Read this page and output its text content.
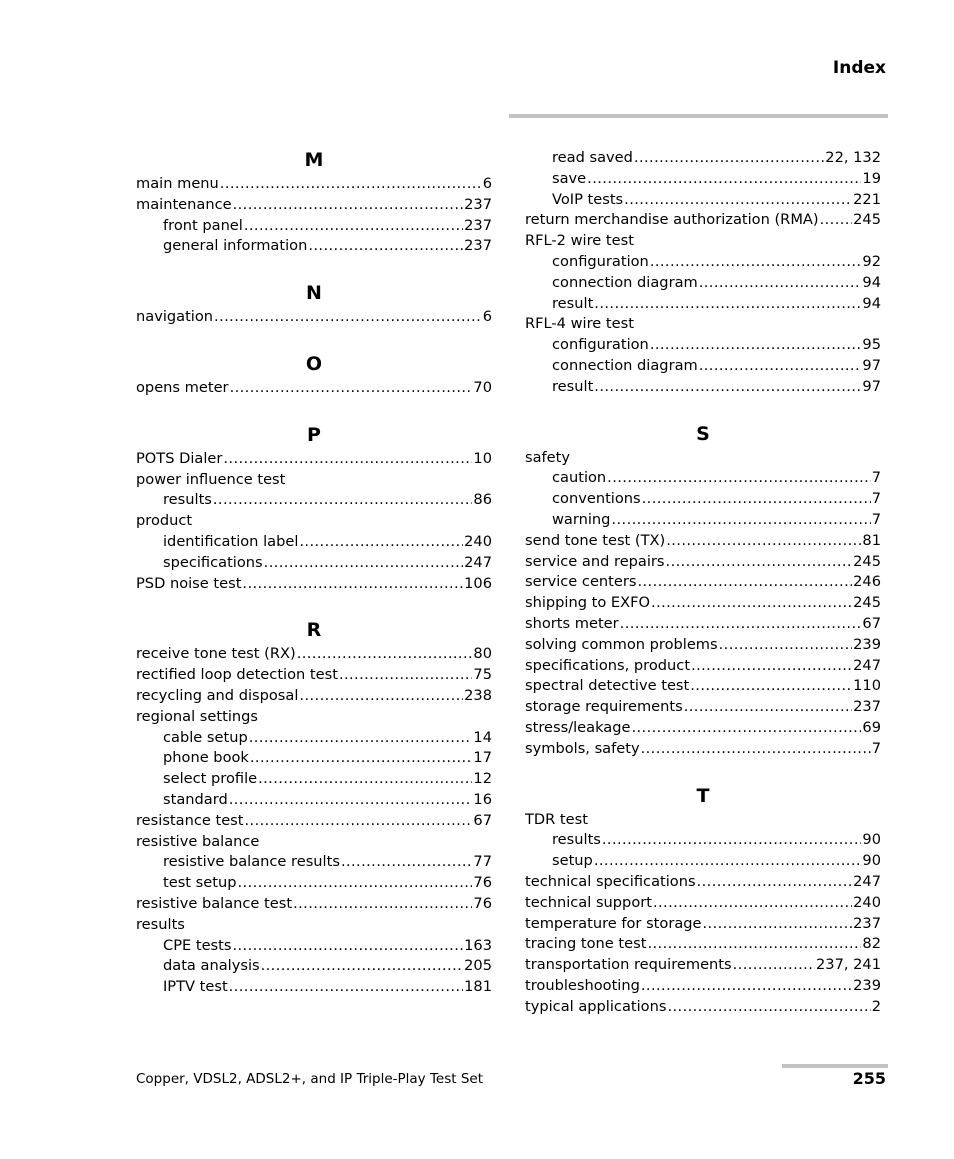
Index
M
main menu .....	6
maintenance .....	237
front panel .....	237
general information .....	237
N
navigation .....	6
O
opens meter .....	70
P
POTS Dialer .....	10
power influence test
results .....	86
product
identification label .....	240
specifications .....	247
PSD noise test .....	106
R
receive tone test (RX) .....	80
rectified loop detection test .....	75
recycling and disposal .....	238
regional settings
cable setup .....	14
phone book .....	17
select profile .....	12
standard .....	16
resistance test .....	67
resistive balance
resistive balance results .....	77
test setup .....	76
resistive balance test .....	76
results
CPE tests .....	163
data analysis .....	205
IPTV test .....	181
read saved .....	22, 132
save .....	19
VoIP tests .....	221
return merchandise authorization (RMA) ..... 245
RFL-2 wire test
configuration .....	92
connection diagram .....	94
result .....	94
RFL-4 wire test
configuration .....	95
connection diagram .....	97
result .....	97
S
safety
caution .....	7
conventions .....	7
warning .....	7
send tone test (TX) .....	81
service and repairs .....	245
service centers .....	246
shipping to EXFO .....	245
shorts meter .....	67
solving common problems .....	239
specifications, product .....	247
spectral detective test .....	110
storage requirements .....	237
stress/leakage .....	69
symbols, safety .....	7
T
TDR test
results .....	90
setup .....	90
technical specifications .....	247
technical support .....	240
temperature for storage .....	237
tracing tone test .....	82
transportation requirements .....	237, 241
troubleshooting .....	239
typical applications .....	2
Copper, VDSL2, ADSL2+, and IP Triple-Play Test Set	255
